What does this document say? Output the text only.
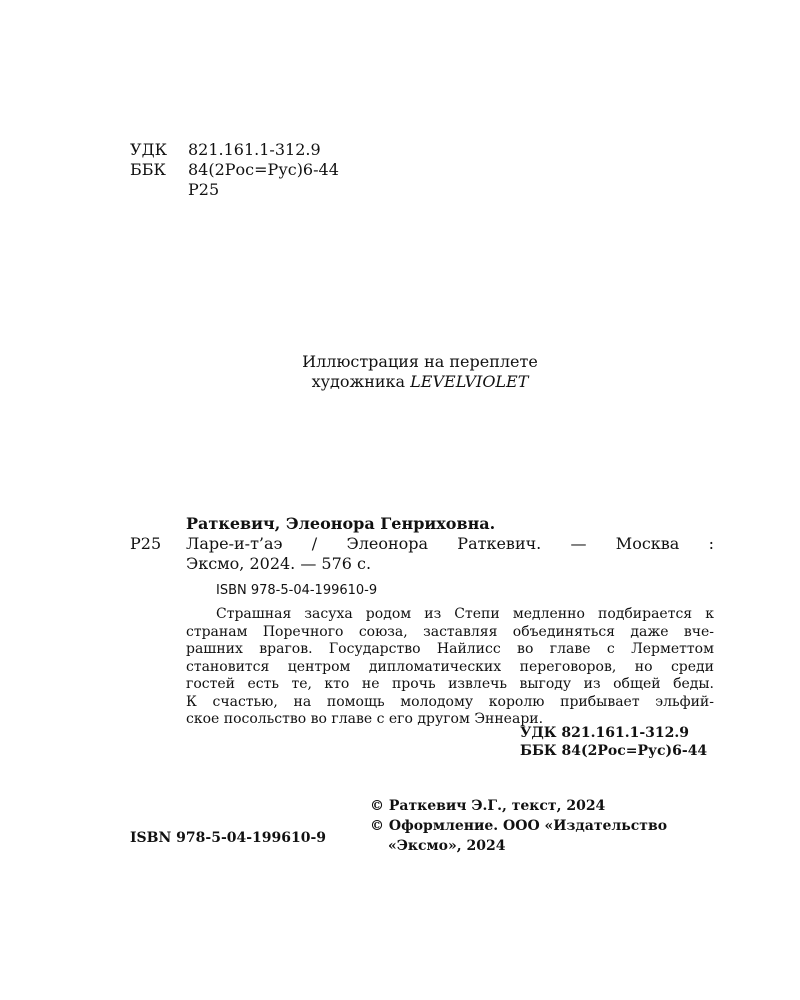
УДК	821.161.1-312.9
ББК	84(2Рос=Рус)6-44
Р25
Иллюстрация на переплете
художника LEVELVIOLET
Раткевич, Элеонора Генриховна.
Р25 Ларе-и-т’аэ / Элеонора Раткевич. — Москва :
Эксмо, 2024. — 576 с.
ISBN 978-5-04-199610-9
Страшная засуха родом из Степи медленно подбирается к
странам Поречного союза, заставляя объединяться даже вче-
рашних врагов. Государство Найлисс во главе с Лерметтом
становится центром дипломатических переговоров, но среди
гостей есть те, кто не прочь извлечь выгоду из общей беды.
К счастью, на помощь молодому королю прибывает эльфий-
ское посольство во главе с его другом Эннеари.
УДК 821.161.1-312.9
ББК 84(2Рос=Рус)6-44
© Раткевич Э.Г., текст, 2024
© Оформление. ООО «Издательство
«Эксмо», 2024
ISBN 978-5-04-199610-9
